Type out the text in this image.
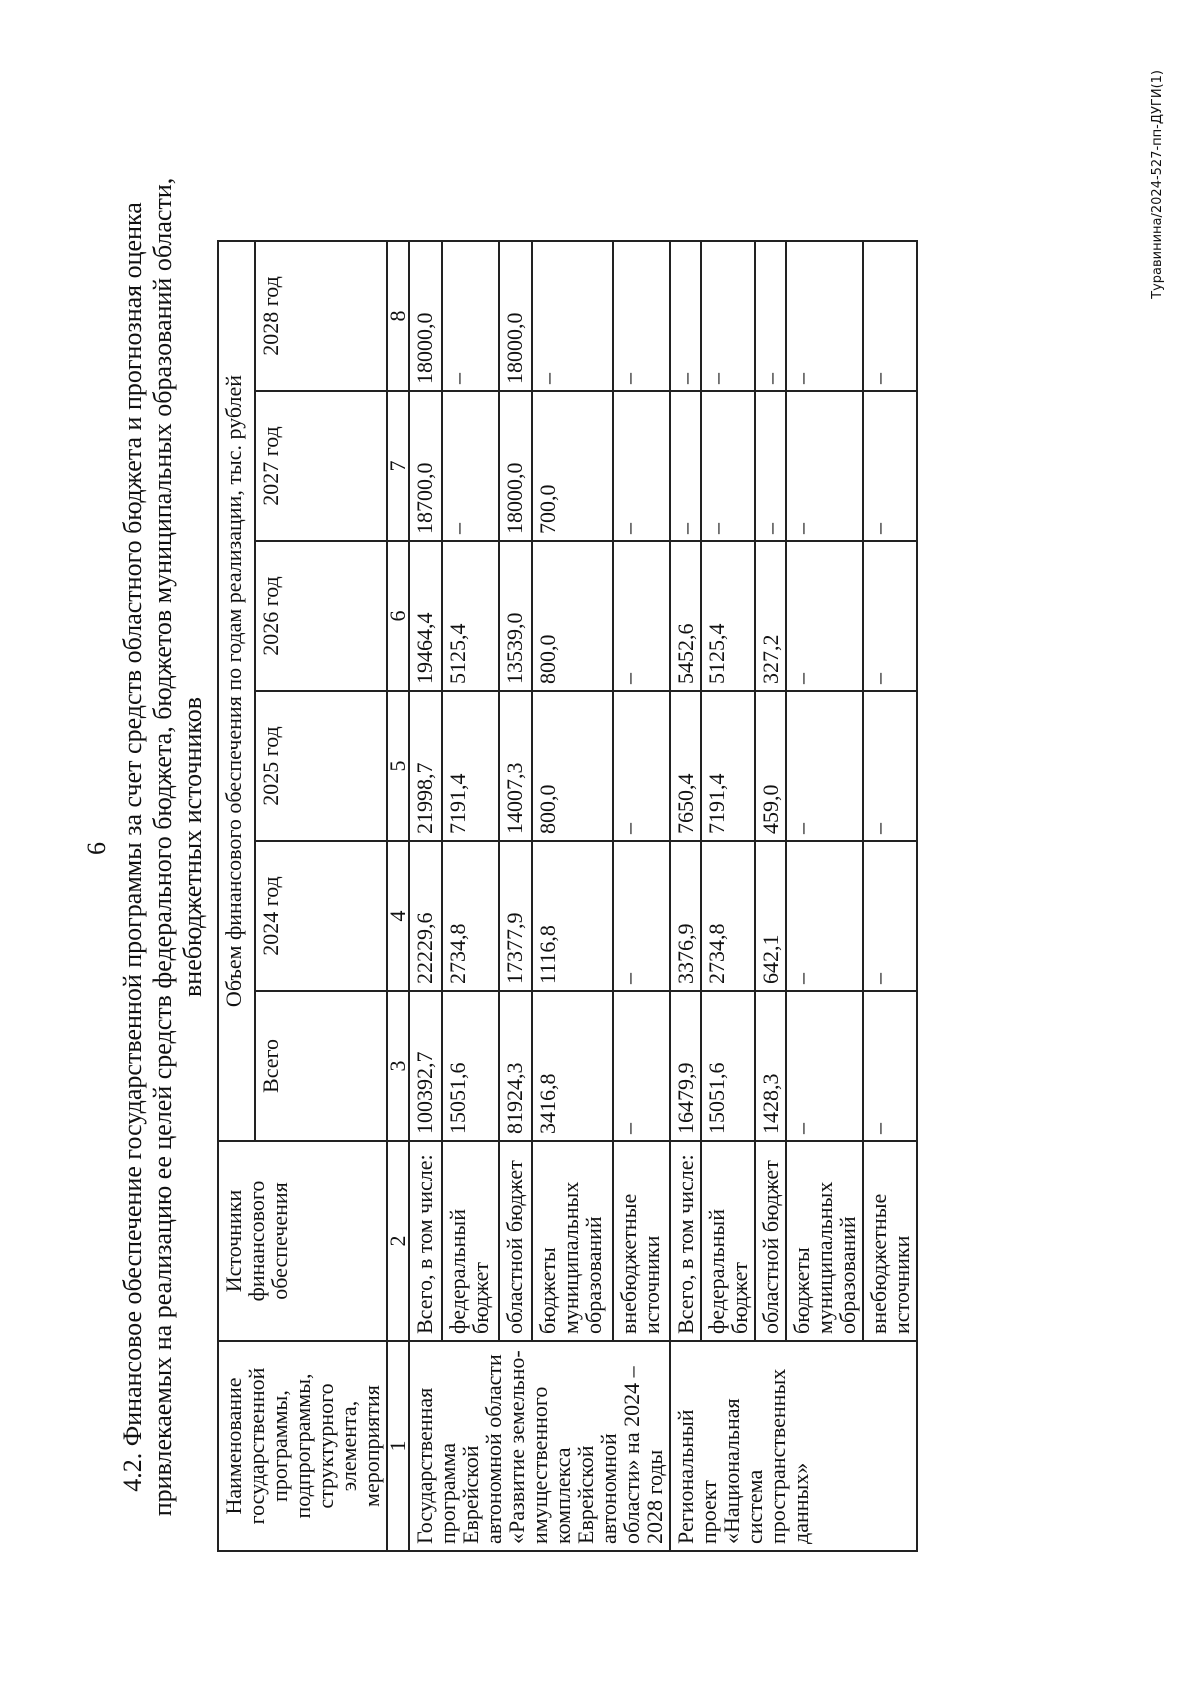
6 4.2. Финансовое обеспечение государственной программы за счет средств областного бюджета и прогнозная оценка привлекаемых на реализацию ее целей средств федерального бюджета, бюджетов муниципальных образований области, внебюджетных источников
Наименование государственной программы, подпрограммы, структурного элемента, мероприятия	Источники финансового обеспечения	Объем финансового обеспечения по годам реализации, тыс. рублей					
		Всего	2024 год	2025 год	2026 год	2027 год	2028 год
1	2	3	4	5	6	7	8
Государственная программа Еврейской автономной области «Развитие земельно-имущественного комплекса Еврейской автономной области» на 2024 – 2028 годы	Всего, в том числе:	100392,7	22229,6	21998,7	19464,4	18700,0	18000,0
	федеральный бюджет	15051,6	2734,8	7191,4	5125,4	–	–
	областной бюджет	81924,3	17377,9	14007,3	13539,0	18000,0	18000,0
	бюджеты муниципальных образований	3416,8	1116,8	800,0	800,0	700,0	–
	внебюджетные источники	–	–	–	–	–	–
Региональный проект «Национальная система пространственных данных»	Всего, в том числе:	16479,9	3376,9	7650,4	5452,6	–	–
	федеральный бюджет	15051,6	2734,8	7191,4	5125,4	–	–
	областной бюджет	1428,3	642,1	459,0	327,2	–	–
	бюджеты муниципальных образований	–	–	–	–	–	–
	внебюджетные источники	–	–	–	–	–	–
Туравинина/2024-527-пп-ДУГИ(1)
